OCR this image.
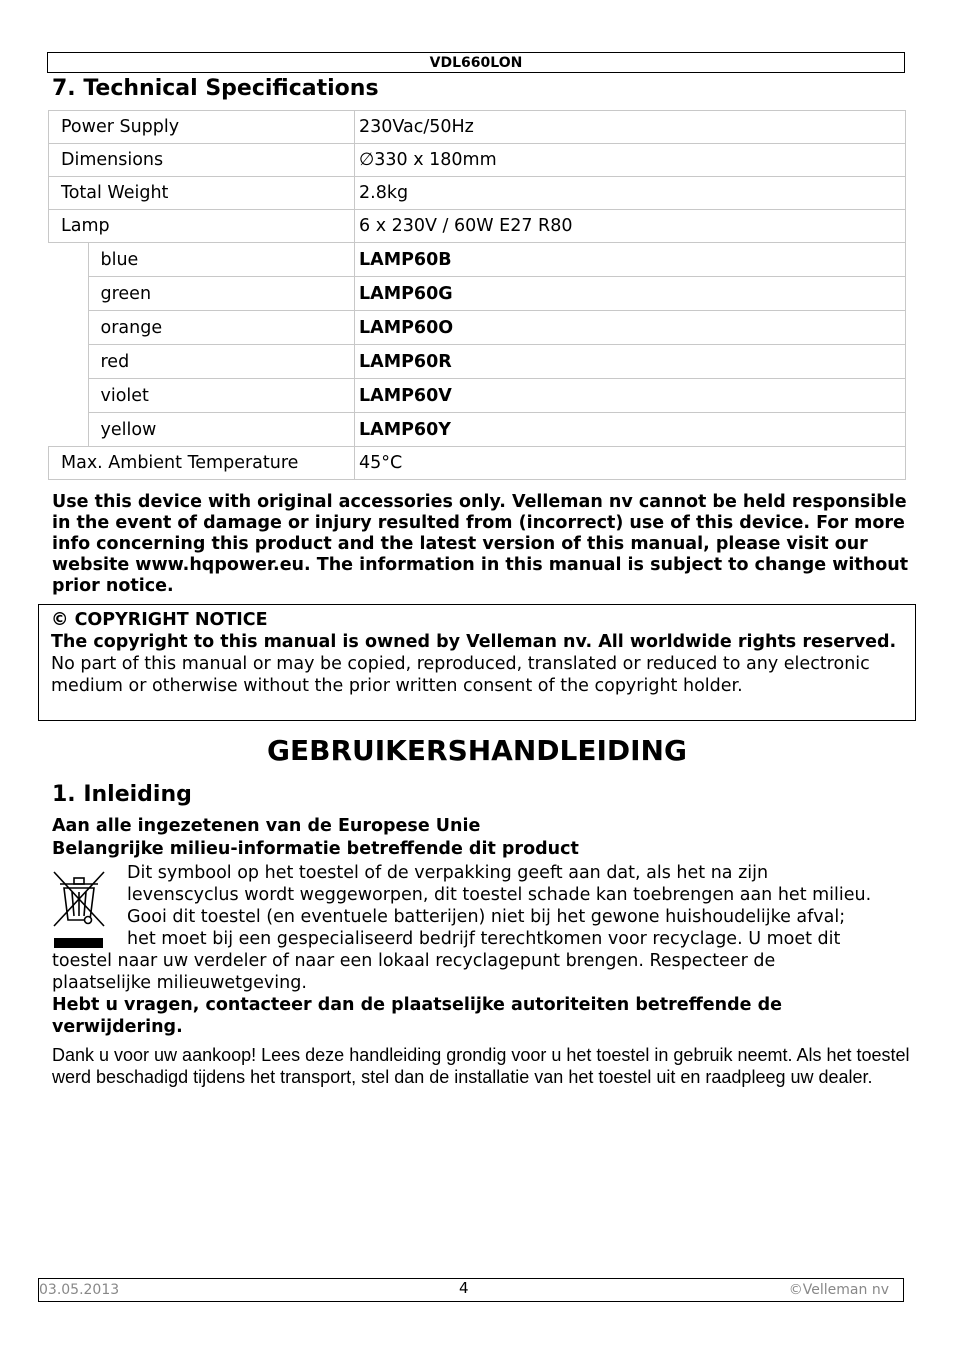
VDL660LON
7. Technical Specifications
Power Supply		230Vac/50Hz
Dimensions		∅330 x 180mm
Total Weight		2.8kg
Lamp		6 x 230V / 60W E27 R80
	blue	LAMP60B
	green	LAMP60G
	orange	LAMP60O
	red	LAMP60R
	violet	LAMP60V
	yellow	LAMP60Y
Max. Ambient Temperature		45°C
Use this device with original accessories only. Velleman nv cannot be held responsible in the event of damage or injury resulted from (incorrect) use of this device. For more info concerning this product and the latest version of this manual, please visit our website www.hqpower.eu. The information in this manual is subject to change without prior notice.
© COPYRIGHT NOTICE
The copyright to this manual is owned by Velleman nv. All worldwide rights reserved.
No part of this manual or may be copied, reproduced, translated or reduced to any electronic medium or otherwise without the prior written consent of the copyright holder.
GEBRUIKERSHANDLEIDING
1. Inleiding
Aan alle ingezetenen van de Europese Unie
Belangrijke milieu-informatie betreffende dit product
Dit symbool op het toestel of de verpakking geeft aan dat, als het na zijn
levenscyclus wordt weggeworpen, dit toestel schade kan toebrengen aan het milieu.
Gooi dit toestel (en eventuele batterijen) niet bij het gewone huishoudelijke afval;
het moet bij een gespecialiseerd bedrijf terechtkomen voor recyclage. U moet dit
toestel naar uw verdeler of naar een lokaal recyclagepunt brengen. Respecteer de
plaatselijke milieuwetgeving.
Hebt u vragen, contacteer dan de plaatselijke autoriteiten betreffende de verwijdering.
Dank u voor uw aankoop! Lees deze handleiding grondig voor u het toestel in gebruik neemt. Als het toestel werd beschadigd tijdens het transport, stel dan de installatie van het toestel uit en raadpleeg uw dealer.
03.05.2013	4	©Velleman nv
